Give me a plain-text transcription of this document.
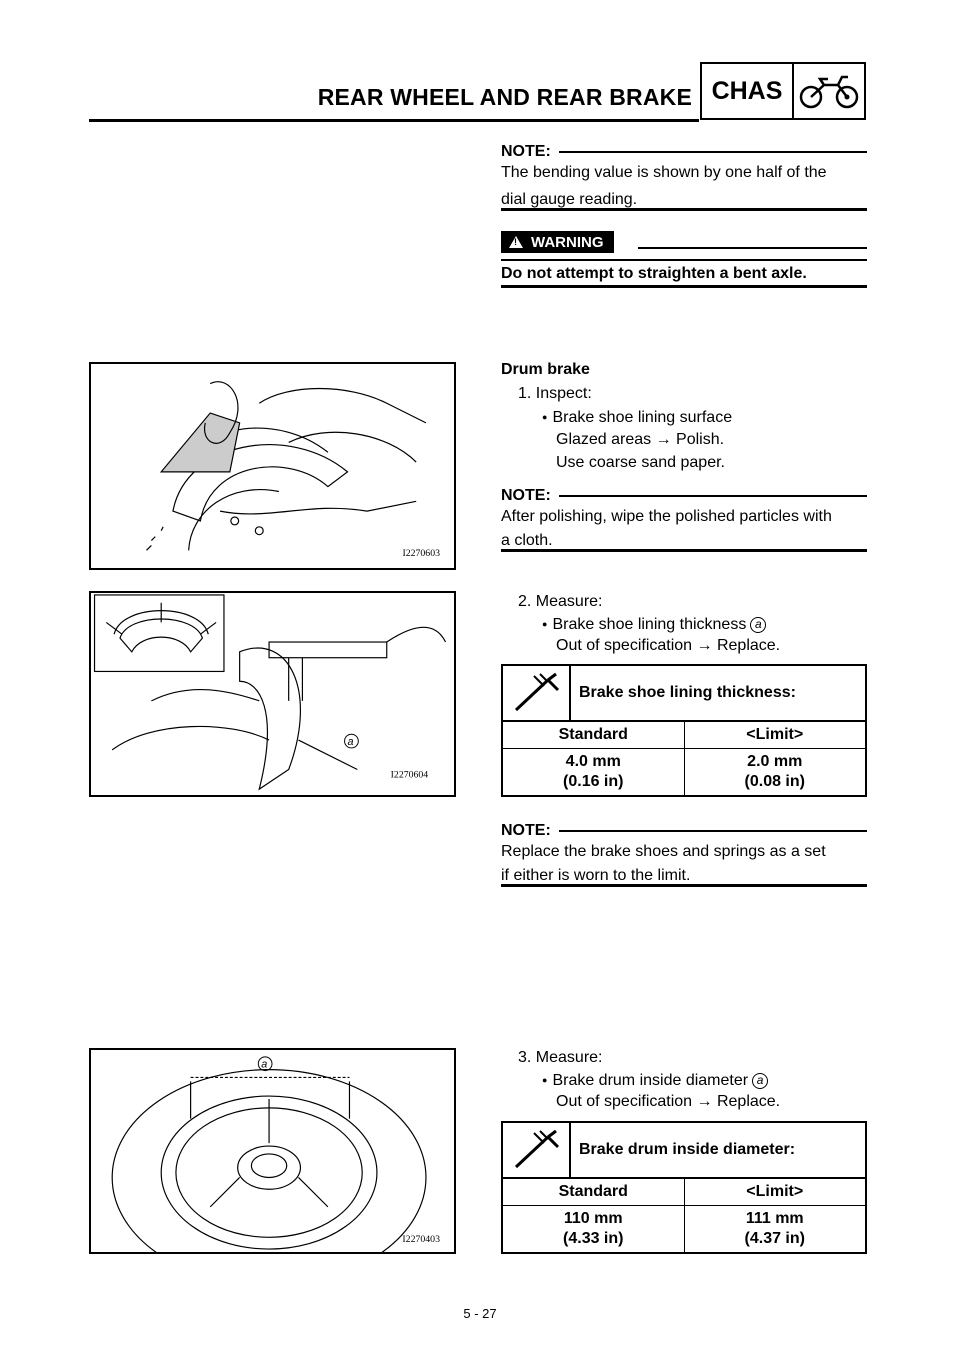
REAR WHEEL AND REAR BRAKE CHAS
NOTE:
The bending value is shown by one half of the
dial gauge reading.
!
WARNING
Do not attempt to straighten a bent axle.
I2270603
Drum brake
1. Inspect:
● Brake shoe lining surface
Glazed areas → Polish.
Use coarse sand paper.
NOTE:
After polishing, wipe the polished particles with
a cloth.
a
I2270604
2. Measure:
● Brake shoe lining thickness a
Out of specification → Replace.
Brake shoe lining thickness:
Standard	<Limit>
4.0 mm
(0.16 in)
2.0 mm
(0.08 in)
NOTE:
Replace the brake shoes and springs as a set
if either is worn to the limit.
a
I2270403
3. Measure:
● Brake drum inside diameter a
Out of specification → Replace.
Brake drum inside diameter:
Standard	<Limit>
110 mm
(4.33 in)
111 mm
(4.37 in)
5 - 27
